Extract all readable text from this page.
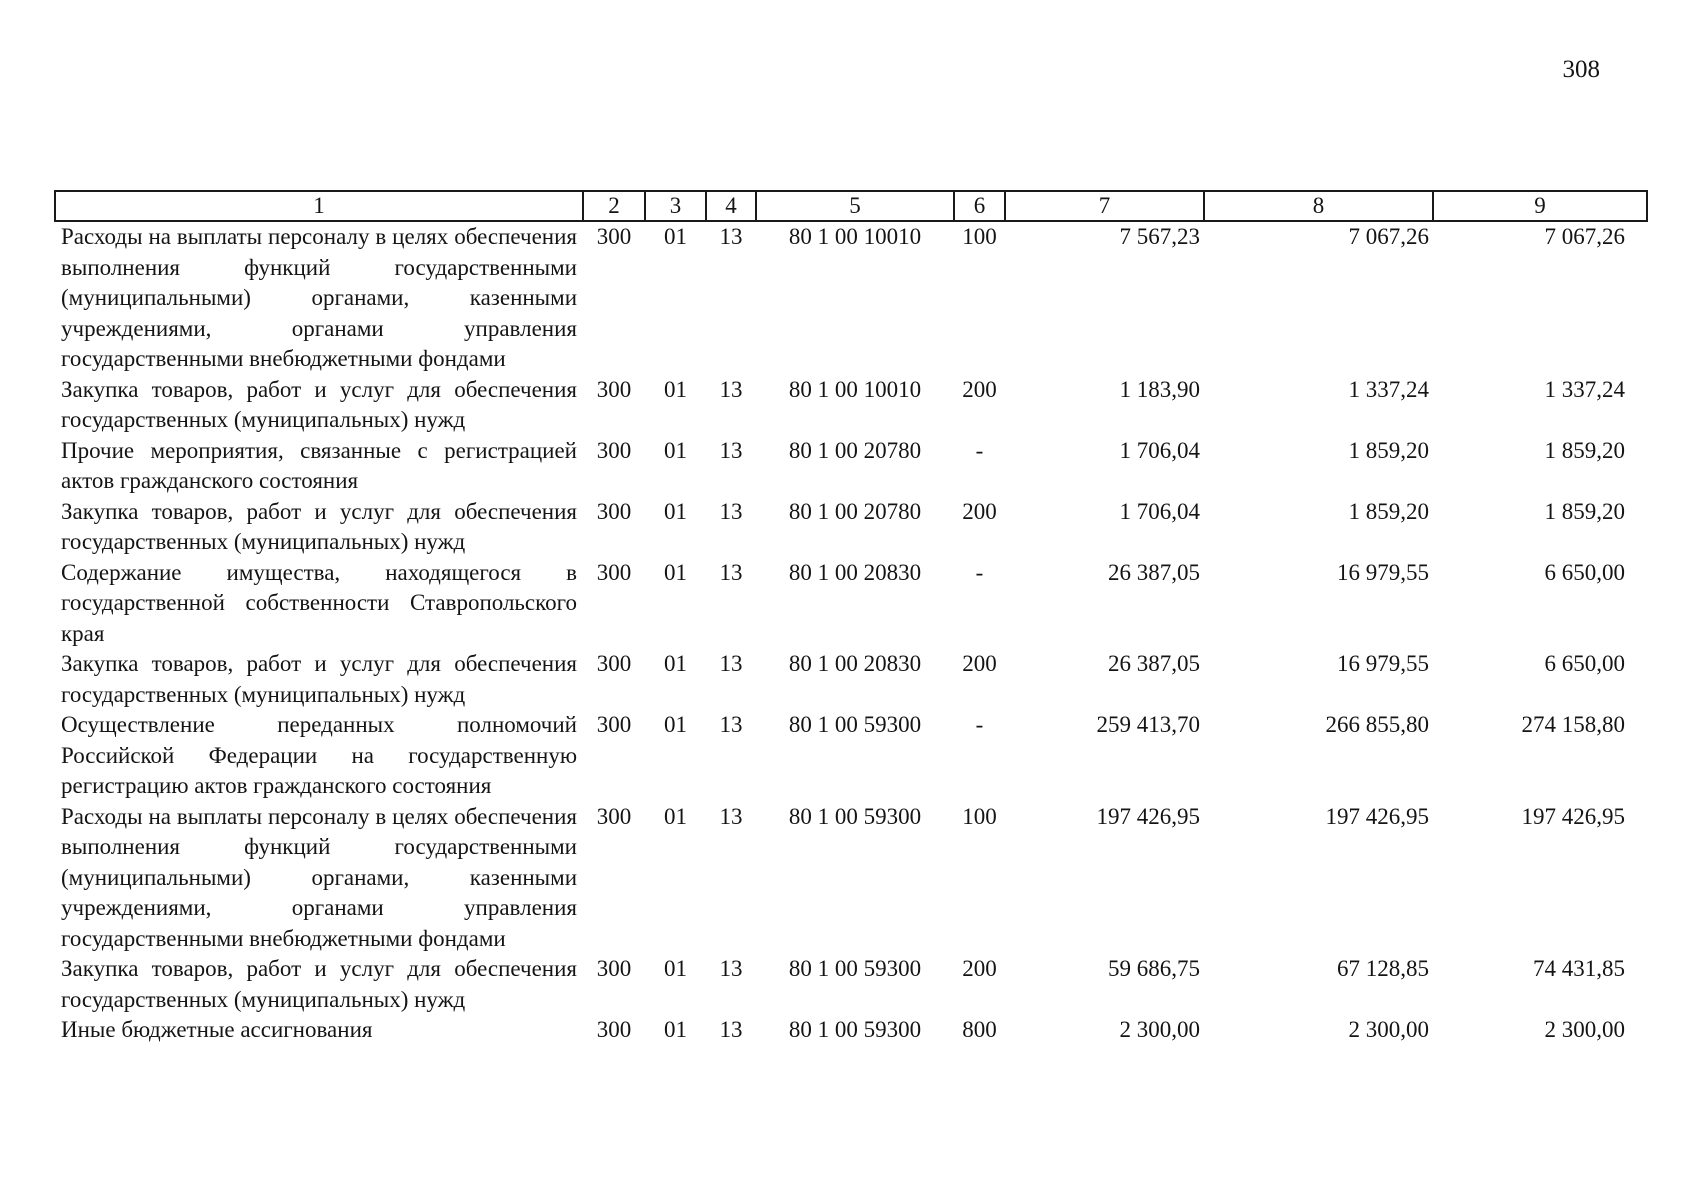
308
1	2	3	4	5	6	7	8	9
Расходы на выплаты персоналу в целях обеспечения выполнения функций государственными (муниципальными) органами, казенными учреждениями, органами управления государственными внебюджетными фондами	300	01	13	80 1 00 10010	100	7 567,23	7 067,26	7 067,26
Закупка товаров, работ и услуг для обеспечения государственных (муниципальных) нужд	300	01	13	80 1 00 10010	200	1 183,90	1 337,24	1 337,24
Прочие мероприятия, связанные с регистрацией актов гражданского состояния	300	01	13	80 1 00 20780	-	1 706,04	1 859,20	1 859,20
Закупка товаров, работ и услуг для обеспечения государственных (муниципальных) нужд	300	01	13	80 1 00 20780	200	1 706,04	1 859,20	1 859,20
Содержание имущества, находящегося в государственной собственности Ставропольского края	300	01	13	80 1 00 20830	-	26 387,05	16 979,55	6 650,00
Закупка товаров, работ и услуг для обеспечения государственных (муниципальных) нужд	300	01	13	80 1 00 20830	200	26 387,05	16 979,55	6 650,00
Осуществление переданных полномочий Российской Федерации на государственную регистрацию актов гражданского состояния	300	01	13	80 1 00 59300	-	259 413,70	266 855,80	274 158,80
Расходы на выплаты персоналу в целях обеспечения выполнения функций государственными (муниципальными) органами, казенными учреждениями, органами управления государственными внебюджетными фондами	300	01	13	80 1 00 59300	100	197 426,95	197 426,95	197 426,95
Закупка товаров, работ и услуг для обеспечения государственных (муниципальных) нужд	300	01	13	80 1 00 59300	200	59 686,75	67 128,85	74 431,85
Иные бюджетные ассигнования	300	01	13	80 1 00 59300	800	2 300,00	2 300,00	2 300,00
